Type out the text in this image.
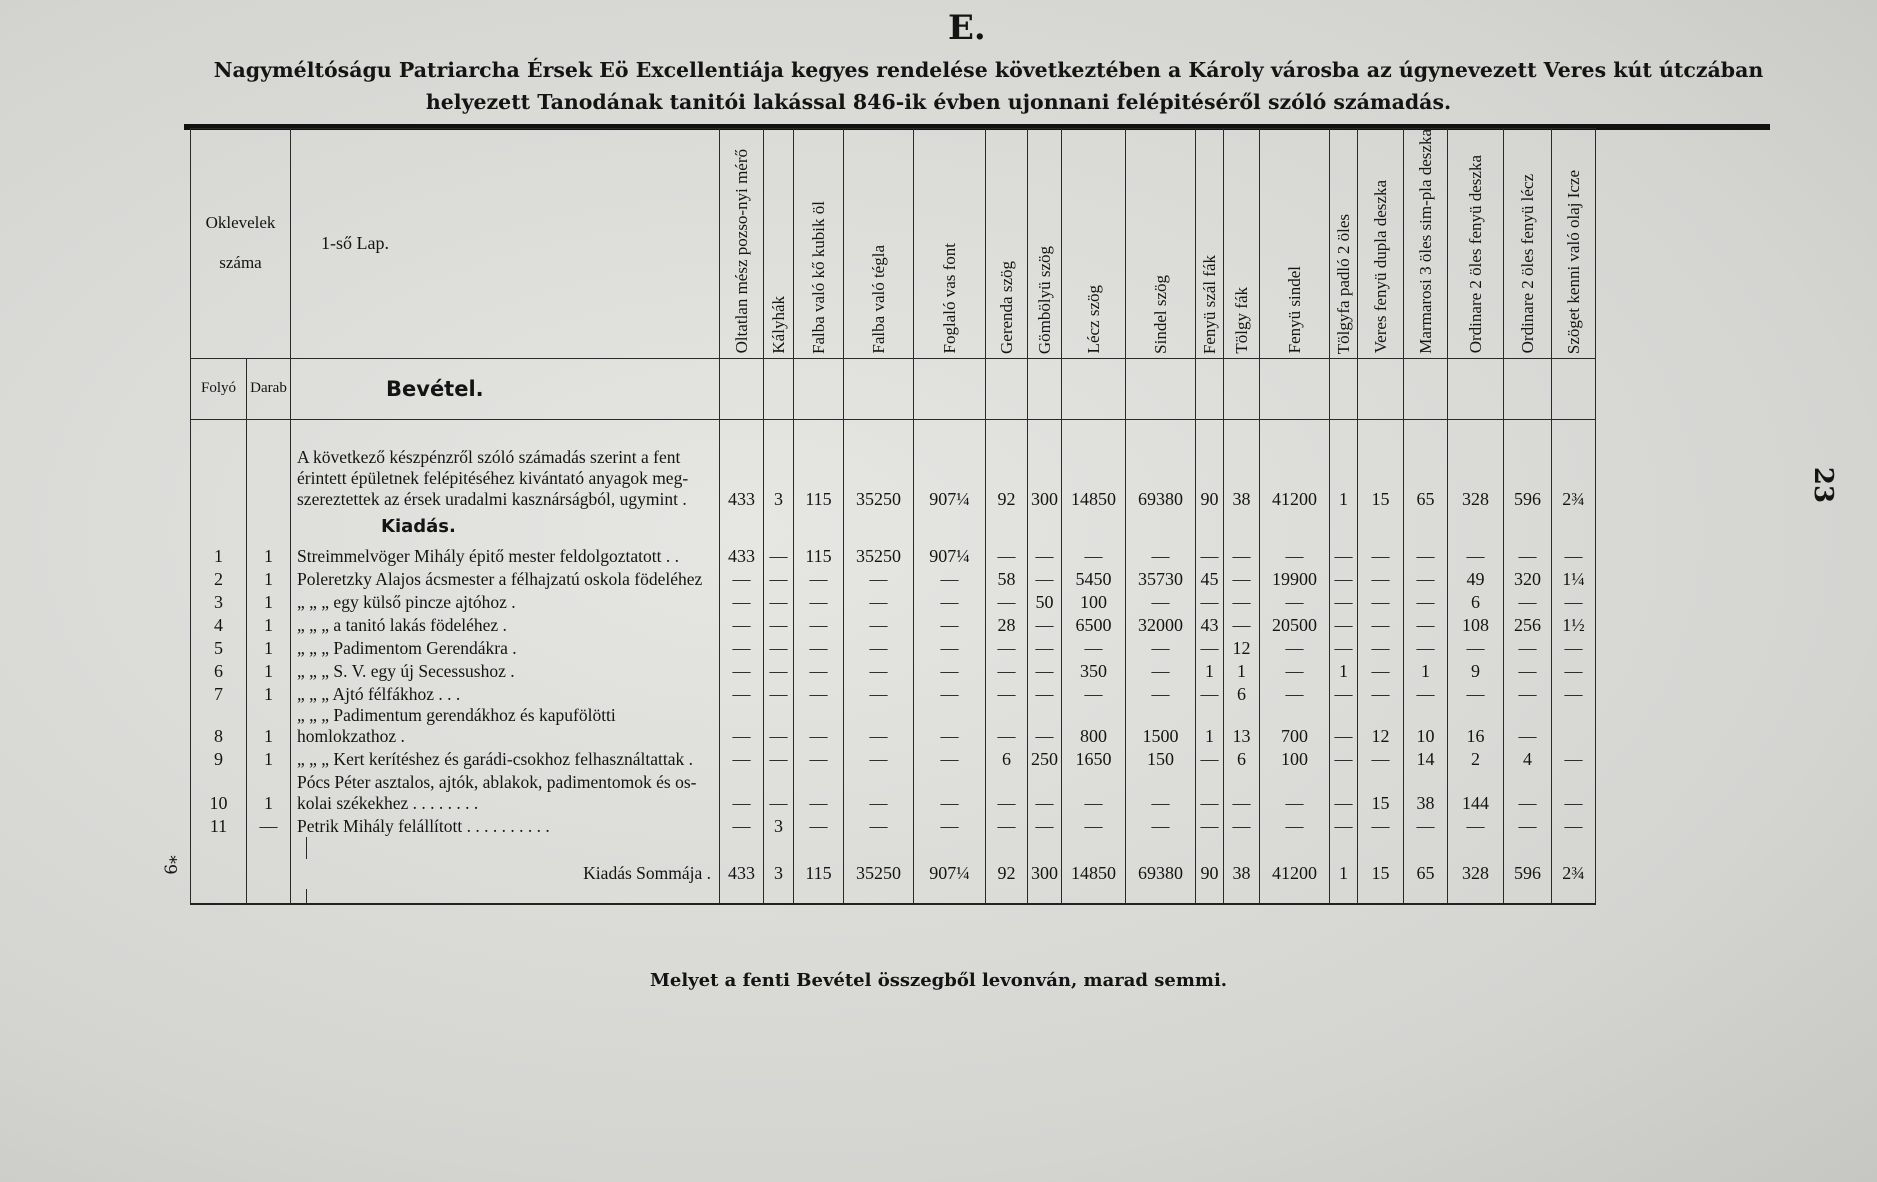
E.
Nagyméltóságu Patriarcha Érsek Eö Excellentiája kegyes rendelése következtében a Károly városba az úgynevezett Veres kút útczában
helyezett Tanodának tanitói lakással 846-ik évben ujonnani felépitéséről szóló számadás.
Oklevelek
száma		1-ső Lap.		Oltatlan mész pozso-nyi mérő	Kályhák	Falba való kő kubik öl	Falba való tégla	Foglaló vas font	Gerenda szög	Gömbölyü szög	Lécz szög	Sindel szög	Fenyü szál fák	Tölgy fák	Fenyü sindel	Tölgyfa padló 2 öles	Veres fenyü dupla deszka	Marmarosi 3 öles sim-pla deszka	Ordinare 2 öles fenyü deszka	Ordinare 2 öles fenyü lécz	Szöget kenni való olaj Icze

Folyó	Darab	Bevétel.																			

		A következő készpénzről szóló számadás szerint a fent
érintett épületnek felépitéséhez kivántató anyagok meg-
szereztettek az érsek uradalmi kasznárságból, ugymint .		433	3	115	35250	907¼	92	300	14850	69380	90	38	41200	1	15	65	328	596	2¾
		Kiadás.																			
1	1	Streimmelvöger Mihály épitő mester feldolgoztatott . .		433	—	115	35250	907¼	—	—	—	—	—	—	—	—	—	—	—	—	—
2	1	Poleretzky Alajos ácsmester a félhajzatú oskola födeléhez		—	—	—	—	—	58	—	5450	35730	45	—	19900	—	—	—	49	320	1¼
3	1	„ „ „ egy külső pincze ajtóhoz .		—	—	—	—	—	—	50	100	—	—	—	—	—	—	—	6	—	—
4	1	„ „ „ a tanitó lakás födeléhez .		—	—	—	—	—	28	—	6500	32000	43	—	20500	—	—	—	108	256	1½
5	1	„ „ „ Padimentom Gerendákra .		—	—	—	—	—	—	—	—	—	—	12	—	—	—	—	—	—	—
6	1	„ „ „ S. V. egy új Secessushoz .		—	—	—	—	—	—	—	350	—	1	1	—	1	—	1	9	—	—
7	1	„ „ „ Ajtó félfákhoz . . .		—	—	—	—	—	—	—	—	—	—	6	—	—	—	—	—	—	—
8	1	„ „ „ Padimentum gerendákhoz és kapufölötti homlokzathoz .		—	—	—	—	—	—	—	800	1500	1	13	700	—	12	10	16	—	
9	1	„ „ „ Kert kerítéshez és garádi-csokhoz felhasználtattak .		—	—	—	—	—	6	250	1650	150	—	6	100	—	—	14	2	4	—
10	1	Pócs Péter asztalos, ajtók, ablakok, padimentomok és os-kolai székekhez . . . . . . . .		—	—	—	—	—	—	—	—	—	—	—	—	—	15	38	144	—	—
11	—	Petrik Mihály felállított . . . . . . . . . .		—	3	—	—	—	—	—	—	—	—	—	—	—	—	—	—	—	—

		Kiadás Sommája .		433	3	115	35250	907¼	92	300	14850	69380	90	38	41200	1	15	65	328	596	2¾

Melyet a fenti Bevétel összegből levonván, marad semmi.
23
*9
